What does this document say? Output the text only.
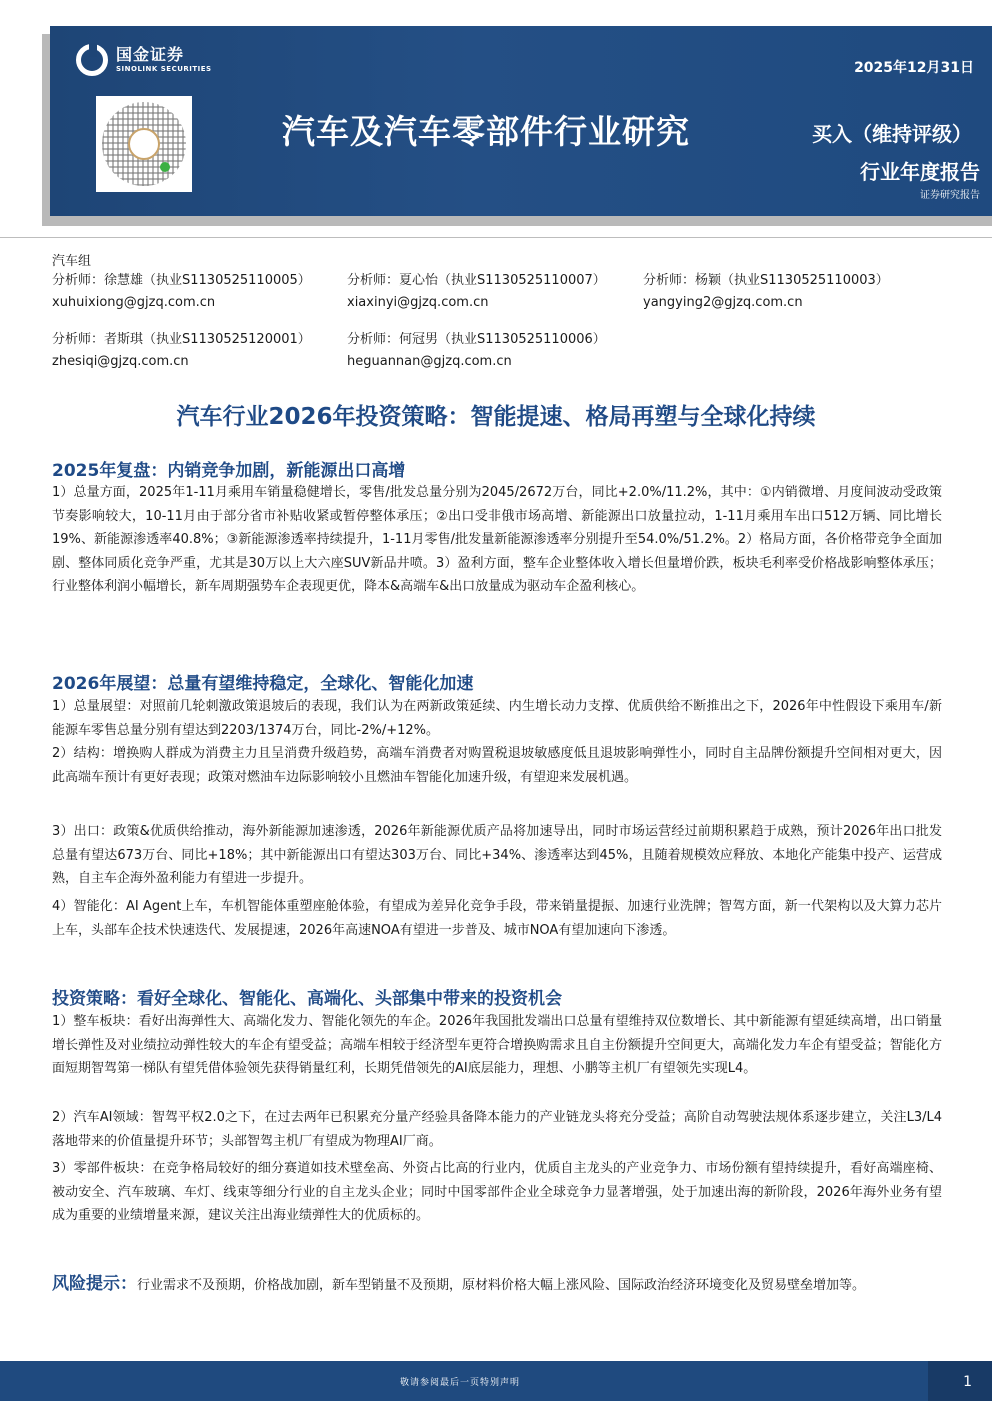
国金证券
SINOLINK SECURITIES
汽车及汽车零部件行业研究
2025年12月31日
买入（维持评级）
行业年度报告
证券研究报告
汽车组
分析师：徐慧雄（执业S1130525110005）
xuhuixiong@gjzq.com.cn
分析师：夏心怡（执业S1130525110007）
xiaxinyi@gjzq.com.cn
分析师：杨颖（执业S1130525110003）
yangying2@gjzq.com.cn
分析师：者斯琪（执业S1130525120001）
zhesiqi@gjzq.com.cn
分析师：何冠男（执业S1130525110006）
heguannan@gjzq.com.cn
汽车行业2026年投资策略：智能提速、格局再塑与全球化持续
2025年复盘：内销竞争加剧，新能源出口高增
1）总量方面，2025年1-11月乘用车销量稳健增长，零售/批发总量分别为2045/2672万台，同比+2.0%/11.2%，其中：①内销微增、月度间波动受政策节奏影响较大，10-11月由于部分省市补贴收紧或暂停整体承压；②出口受非俄市场高增、新能源出口放量拉动，1-11月乘用车出口512万辆、同比增长19%、新能源渗透率40.8%；③新能源渗透率持续提升，1-11月零售/批发量新能源渗透率分别提升至54.0%/51.2%。2）格局方面，各价格带竞争全面加剧、整体同质化竞争严重，尤其是30万以上大六座SUV新品井喷。3）盈利方面，整车企业整体收入增长但量增价跌，板块毛利率受价格战影响整体承压；行业整体利润小幅增长，新车周期强势车企表现更优，降本&高端车&出口放量成为驱动车企盈利核心。
2026年展望：总量有望维持稳定，全球化、智能化加速
1）总量展望：对照前几轮刺激政策退坡后的表现，我们认为在两新政策延续、内生增长动力支撑、优质供给不断推出之下，2026年中性假设下乘用车/新能源车零售总量分别有望达到2203/1374万台，同比-2%/+12%。
2）结构：增换购人群成为消费主力且呈消费升级趋势，高端车消费者对购置税退坡敏感度低且退坡影响弹性小，同时自主品牌份额提升空间相对更大，因此高端车预计有更好表现；政策对燃油车边际影响较小且燃油车智能化加速升级，有望迎来发展机遇。
3）出口：政策&优质供给推动，海外新能源加速渗透，2026年新能源优质产品将加速导出，同时市场运营经过前期积累趋于成熟，预计2026年出口批发总量有望达673万台、同比+18%；其中新能源出口有望达303万台、同比+34%、渗透率达到45%，且随着规模效应释放、本地化产能集中投产、运营成熟，自主车企海外盈利能力有望进一步提升。
4）智能化：AI Agent上车，车机智能体重塑座舱体验，有望成为差异化竞争手段，带来销量提振、加速行业洗牌；智驾方面，新一代架构以及大算力芯片上车，头部车企技术快速迭代、发展提速，2026年高速NOA有望进一步普及、城市NOA有望加速向下渗透。
投资策略：看好全球化、智能化、高端化、头部集中带来的投资机会
1）整车板块：看好出海弹性大、高端化发力、智能化领先的车企。2026年我国批发端出口总量有望维持双位数增长、其中新能源有望延续高增，出口销量增长弹性及对业绩拉动弹性较大的车企有望受益；高端车相较于经济型车更符合增换购需求且自主份额提升空间更大，高端化发力车企有望受益；智能化方面短期智驾第一梯队有望凭借体验领先获得销量红利，长期凭借领先的AI底层能力，理想、小鹏等主机厂有望领先实现L4。
2）汽车AI领域：智驾平权2.0之下，在过去两年已积累充分量产经验具备降本能力的产业链龙头将充分受益；高阶自动驾驶法规体系逐步建立，关注L3/L4落地带来的价值量提升环节；头部智驾主机厂有望成为物理AI厂商。
3）零部件板块：在竞争格局较好的细分赛道如技术壁垒高、外资占比高的行业内，优质自主龙头的产业竞争力、市场份额有望持续提升，看好高端座椅、被动安全、汽车玻璃、车灯、线束等细分行业的自主龙头企业；同时中国零部件企业全球竞争力显著增强，处于加速出海的新阶段，2026年海外业务有望成为重要的业绩增量来源，建议关注出海业绩弹性大的优质标的。
风险提示：行业需求不及预期，价格战加剧，新车型销量不及预期，原材料价格大幅上涨风险、国际政治经济环境变化及贸易壁垒增加等。
敬请参阅最后一页特别声明	1
